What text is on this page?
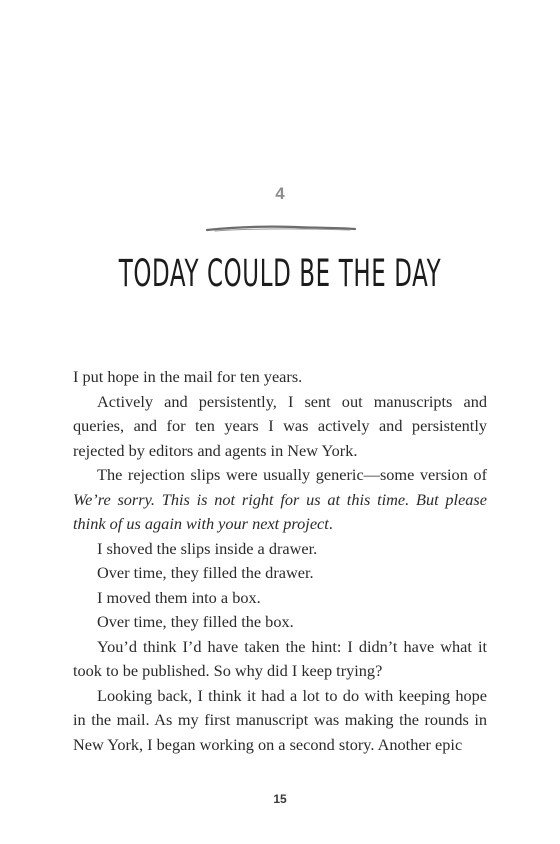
4
TODAY COULD BE THE DAY

I put hope in the mail for ten years.

Actively and persistently, I sent out manuscripts and queries, and for ten years I was actively and persistently rejected by editors and agents in New York.

The rejection slips were usually generic—some version of We’re sorry. This is not right for us at this time. But please think of us again with your next project.

I shoved the slips inside a drawer.

Over time, they filled the drawer.

I moved them into a box.

Over time, they filled the box.

You’d think I’d have taken the hint: I didn’t have what it took to be published. So why did I keep trying?

Looking back, I think it had a lot to do with keeping hope in the mail. As my first manuscript was making the rounds in New York, I began working on a second story. Another epic

15
